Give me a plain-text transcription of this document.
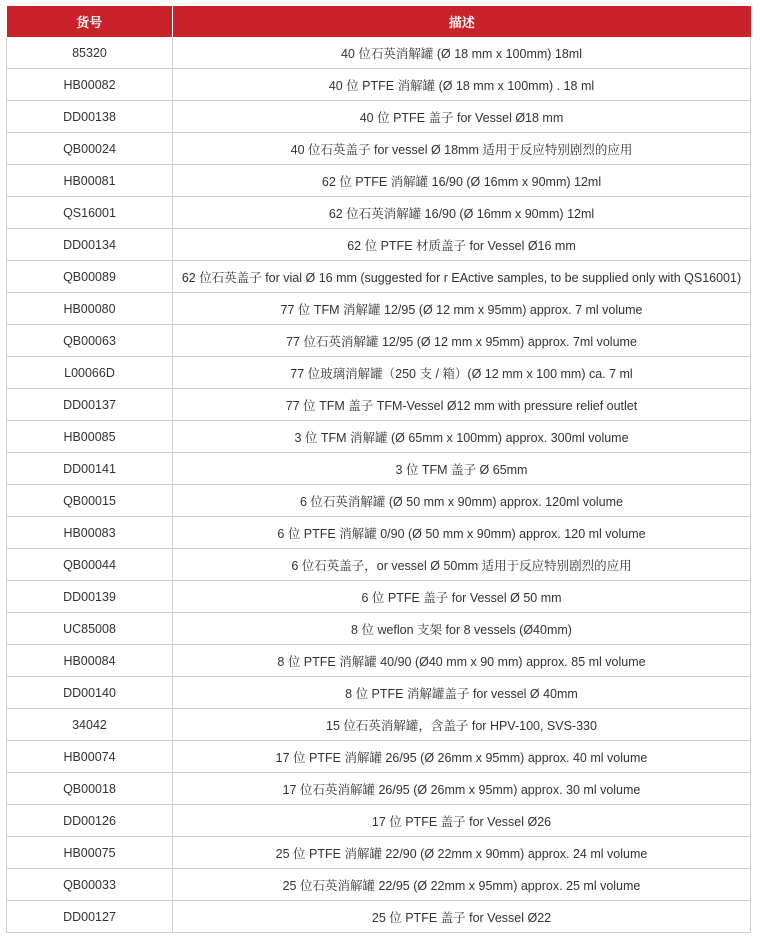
货号	描述
85320	40 位石英消解罐 (Ø 18 mm x 100mm) 18ml
HB00082	40 位 PTFE 消解罐 (Ø 18 mm x 100mm) . 18 ml
DD00138	40 位 PTFE 盖子 for Vessel Ø18 mm
QB00024	40 位石英盖子 for vessel Ø 18mm 适用于反应特别剧烈的应用
HB00081	62 位 PTFE 消解罐 16/90 (Ø 16mm x 90mm) 12ml
QS16001	62 位石英消解罐 16/90 (Ø 16mm x 90mm) 12ml
DD00134	62 位 PTFE 材质盖子 for Vessel Ø16 mm
QB00089	62 位石英盖子 for vial Ø 16 mm (suggested for r EActive samples, to be supplied only with QS16001)
HB00080	77 位 TFM 消解罐 12/95 (Ø 12 mm x 95mm) approx. 7 ml volume
QB00063	77 位石英消解罐 12/95 (Ø 12 mm x 95mm) approx. 7ml volume
L00066D	77 位玻璃消解罐（250 支 / 箱）(Ø 12 mm x 100 mm) ca. 7 ml
DD00137	77 位 TFM 盖子 TFM-Vessel Ø12 mm with pressure relief outlet
HB00085	3 位 TFM 消解罐 (Ø 65mm x 100mm) approx. 300ml volume
DD00141	3 位 TFM 盖子 Ø 65mm
QB00015	6 位石英消解罐 (Ø 50 mm x 90mm) approx. 120ml volume
HB00083	6 位 PTFE 消解罐 0/90 (Ø 50 mm x 90mm) approx. 120 ml volume
QB00044	6 位石英盖子，or vessel Ø 50mm 适用于反应特别剧烈的应用
DD00139	6 位 PTFE 盖子 for Vessel Ø 50 mm
UC85008	8 位 weflon 支架 for 8 vessels (Ø40mm)
HB00084	8 位 PTFE 消解罐 40/90 (Ø40 mm x 90 mm) approx. 85 ml volume
DD00140	8 位 PTFE 消解罐盖子 for vessel Ø 40mm
34042	15 位石英消解罐，含盖子 for HPV-100, SVS-330
HB00074	17 位 PTFE 消解罐 26/95 (Ø 26mm x 95mm) approx. 40 ml volume
QB00018	17 位石英消解罐 26/95 (Ø 26mm x 95mm) approx. 30 ml volume
DD00126	17 位 PTFE 盖子 for Vessel Ø26
HB00075	25 位 PTFE 消解罐 22/90 (Ø 22mm x 90mm) approx. 24 ml volume
QB00033	25 位石英消解罐 22/95 (Ø 22mm x 95mm) approx. 25 ml volume
DD00127	25 位 PTFE 盖子 for Vessel Ø22
